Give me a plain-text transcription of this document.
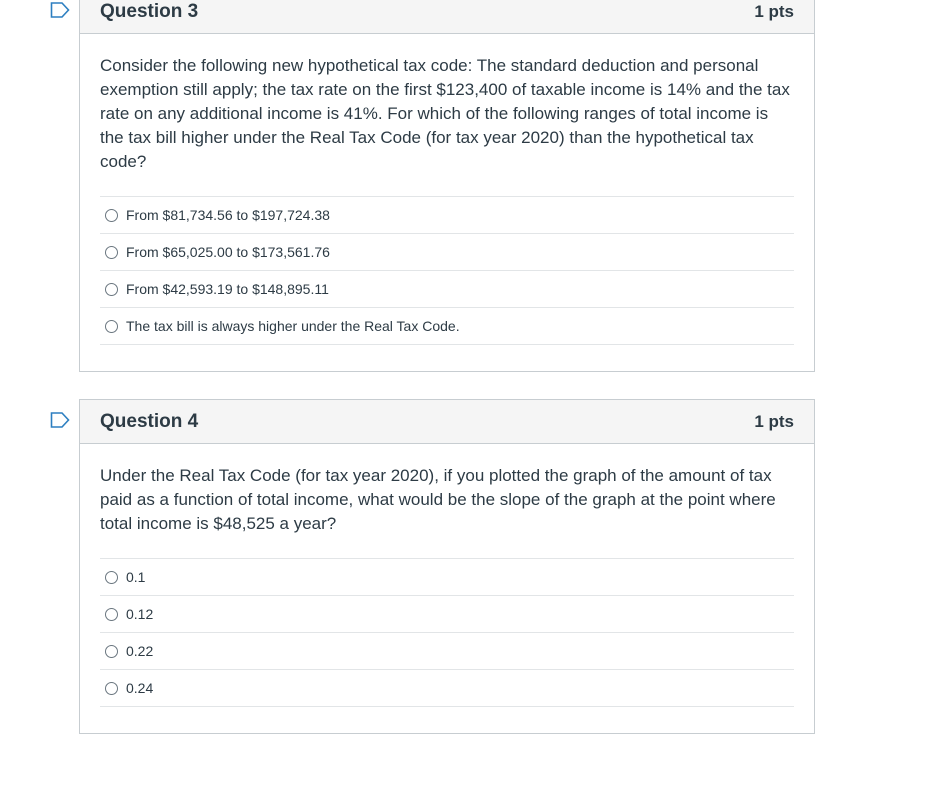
Question 3	1 pts

Consider the following new hypothetical tax code: The standard deduction and personal exemption still apply; the tax rate on the first $123,400 of taxable income is 14% and the tax rate on any additional income is 41%. For which of the following ranges of total income is the tax bill higher under the Real Tax Code (for tax year 2020) than the hypothetical tax code?

From $81,734.56 to $197,724.38
From $65,025.00 to $173,561.76
From $42,593.19 to $148,895.11
The tax bill is always higher under the Real Tax Code.
Question 4	1 pts

Under the Real Tax Code (for tax year 2020), if you plotted the graph of the amount of tax paid as a function of total income, what would be the slope of the graph at the point where total income is $48,525 a year?

0.1
0.12
0.22
0.24
